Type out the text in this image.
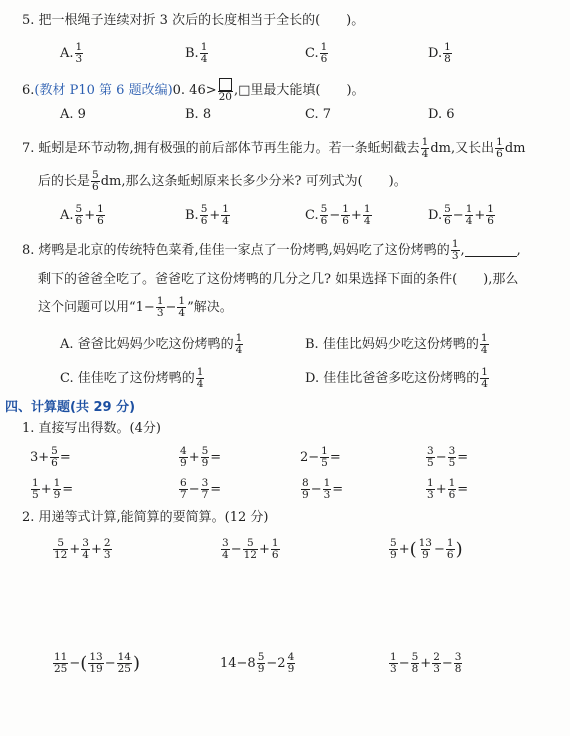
5. 把一根绳子连续对折 3 次后的长度相当于全长的(　　)。
A. $\frac{1}{3}$	B. $\frac{1}{4}$	C. $\frac{1}{6}$	D. $\frac{1}{8}$
6. (教材 P10 第 6 题改编) 0. 46> 20 ,□里最大能填(　　)。
A. 9	B. 8	C. 7	D. 6
7. 蚯蚓是环节动物,拥有极强的前后部体节再生能力。若一条蚯蚓截去 $\frac{1}{4}$ dm,又长出 $\frac{1}{6}$ dm
后的长是 $\frac{5}{6}$ dm,那么这条蚯蚓原来长多少分米? 可列式为(　　)。
A. $\frac{5}{6} + \frac{1}{6}$	B. $\frac{5}{6} + \frac{1}{4}$	C. $\frac{5}{6} - \frac{1}{6} + \frac{1}{4}$	D. $\frac{5}{6} - \frac{1}{4} + \frac{1}{6}$
8. 烤鸭是北京的传统特色菜肴,佳佳一家点了一份烤鸭,妈妈吃了这份烤鸭的 $\frac{1}{3}$ ,	,
剩下的爸爸全吃了。爸爸吃了这份烤鸭的几分之几? 如果选择下面的条件(　　),那么
这个问题可以用“$1- \frac{1}{3} - \frac{1}{4}$ ”解决。
A. 爸爸比妈妈少吃这份烤鸭的 $\frac{1}{4}$	B. 佳佳比妈妈少吃这份烤鸭的 $\frac{1}{4}$
C. 佳佳吃了这份烤鸭的 $\frac{1}{4}$	D. 佳佳比爸爸多吃这份烤鸭的 $\frac{1}{4}$
四、计算题(共 29 分)
1. 直接写出得数。(4分)
$3+ \frac{5}{6}$ =	$\frac{4}{9} + \frac{5}{9}$ =	$2- \frac{1}{5}$ =	$\frac{3}{5} - \frac{3}{5}$ =
$\frac{1}{5} + \frac{1}{9}$ =	$\frac{6}{7} - \frac{3}{7}$ =	$\frac{8}{9} - \frac{1}{3}$ =	$\frac{1}{3} + \frac{1}{6}$ =
2. 用递等式计算,能简算的要简算。(12 分)
$\frac{5}{12} + \frac{3}{4} + \frac{2}{3}$	$\frac{3}{4} - \frac{5}{12} + \frac{1}{6}$	$\frac{5}{9}$ + ( $\frac{13}{9} - \frac{1}{6}$ )
$\frac{11}{25}$ − ( $\frac{13}{19} - \frac{14}{25}$ )	$14-8 \frac{5}{9} -2 \frac{4}{9}$	$\frac{1}{3} - \frac{5}{8} + \frac{2}{3} - \frac{3}{8}$
